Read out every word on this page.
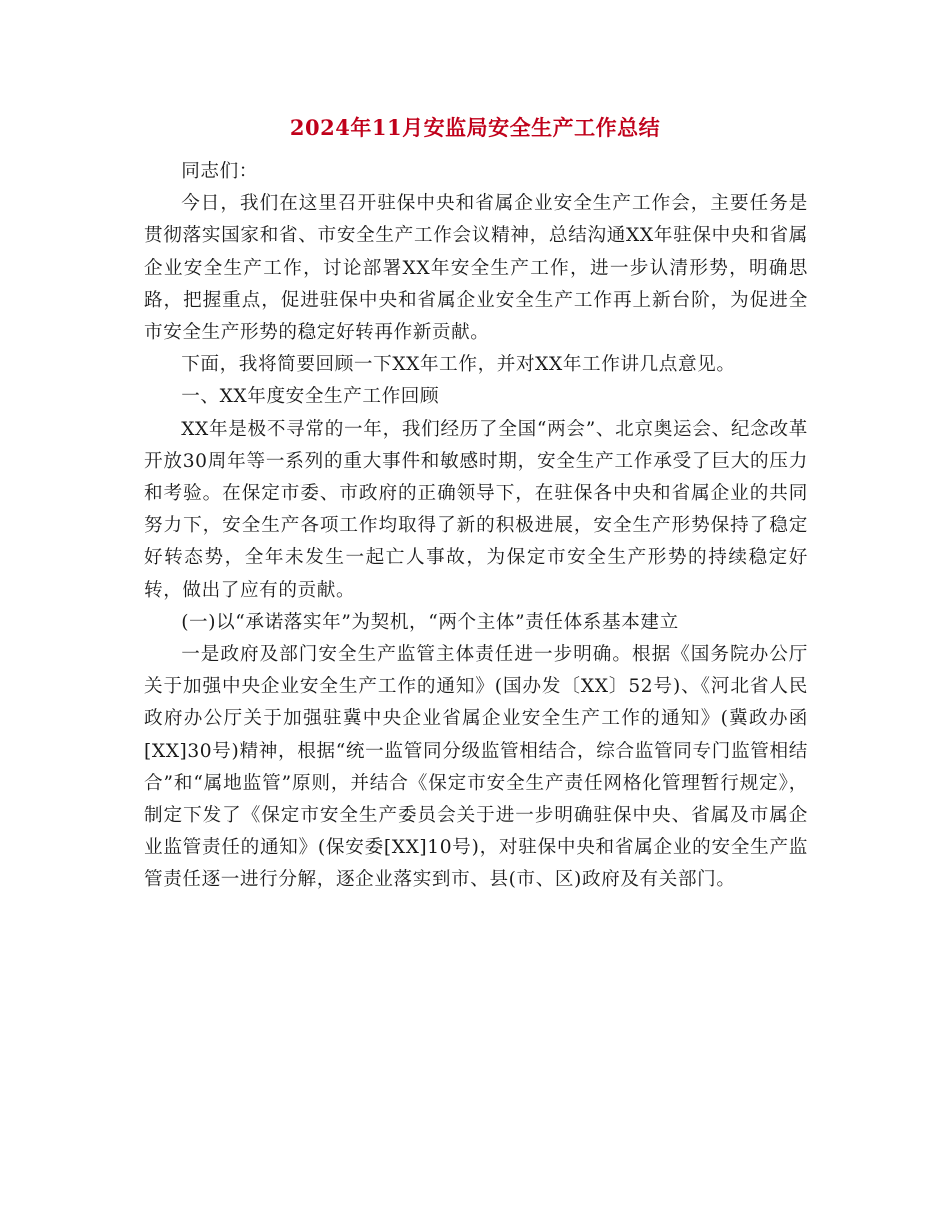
2024年11月安监局安全生产工作总结

同志们：

今日，我们在这里召开驻保中央和省属企业安全生产工作会，主要任务是贯彻落实国家和省、市安全生产工作会议精神，总结沟通XX年驻保中央和省属企业安全生产工作，讨论部署XX年安全生产工作，进一步认清形势，明确思路，把握重点，促进驻保中央和省属企业安全生产工作再上新台阶，为促进全市安全生产形势的稳定好转再作新贡献。

下面，我将简要回顾一下XX年工作，并对XX年工作讲几点意见。

一、XX年度安全生产工作回顾

XX年是极不寻常的一年，我们经历了全国“两会”、北京奥运会、纪念改革开放30周年等一系列的重大事件和敏感时期，安全生产工作承受了巨大的压力和考验。在保定市委、市政府的正确领导下，在驻保各中央和省属企业的共同努力下，安全生产各项工作均取得了新的积极进展，安全生产形势保持了稳定好转态势，全年未发生一起亡人事故，为保定市安全生产形势的持续稳定好转，做出了应有的贡献。

(一)以“承诺落实年”为契机，“两个主体”责任体系基本建立

一是政府及部门安全生产监管主体责任进一步明确。根据《国务院办公厅关于加强中央企业安全生产工作的通知》(国办发〔XX〕52号)、《河北省人民政府办公厅关于加强驻冀中央企业省属企业安全生产工作的通知》(冀政办函[XX]30号)精神，根据“统一监管同分级监管相结合，综合监管同专门监管相结合”和“属地监管”原则，并结合《保定市安全生产责任网格化管理暂行规定》，制定下发了《保定市安全生产委员会关于进一步明确驻保中央、省属及市属企业监管责任的通知》(保安委[XX]10号)，对驻保中央和省属企业的安全生产监管责任逐一进行分解，逐企业落实到市、县(市、区)政府及有关部门。
